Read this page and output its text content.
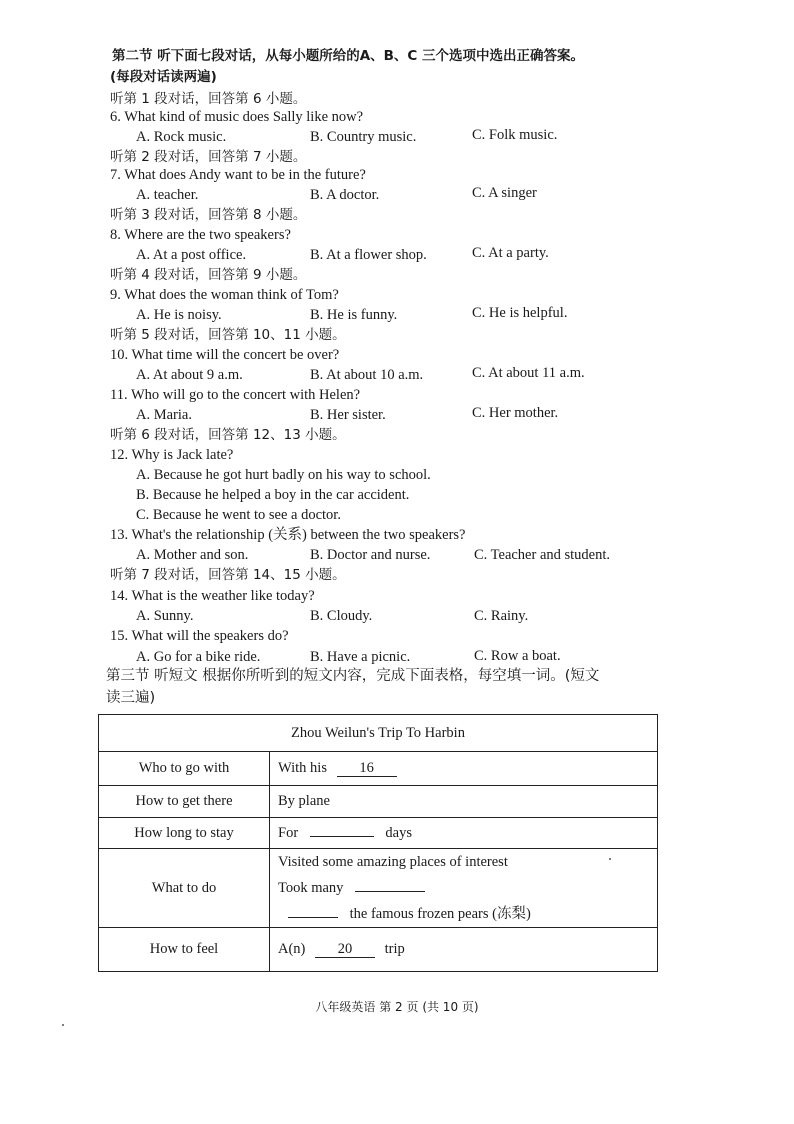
第二节 听下面七段对话，从每小题所给的A、B、C 三个选项中选出正确答案。
(每段对话读两遍)
听第 1 段对话，回答第 6 小题。
6. What kind of music does Sally like now?
A. Rock music.	B. Country music.	C. Folk music.
听第 2 段对话，回答第 7 小题。
7. What does Andy want to be in the future?
A. teacher.	B. A doctor.	C. A singer
听第 3 段对话，回答第 8 小题。
8. Where are the two speakers?
A. At a post office.	B. At a flower shop.	C. At a party.
听第 4 段对话，回答第 9 小题。
9. What does the woman think of Tom?
A. He is noisy.	B. He is funny.	C. He is helpful.
听第 5 段对话，回答第 10、11 小题。
10. What time will the concert be over?
A. At about 9 a.m.	B. At about 10 a.m.	C. At about 11 a.m.
11. Who will go to the concert with Helen?
A. Maria.	B. Her sister.	C. Her mother.
听第 6 段对话，回答第 12、13 小题。
12. Why is Jack late?
A. Because he got hurt badly on his way to school.
B. Because he helped a boy in the car accident.
C. Because he went to see a doctor.
13. What's the relationship (关系) between the two speakers?
A. Mother and son.	B. Doctor and nurse.	C. Teacher and student.
听第 7 段对话，回答第 14、15 小题。
14. What is the weather like today?
A. Sunny.	B. Cloudy.	C. Rainy.
15. What will the speakers do?
A. Go for a bike ride.	B. Have a picnic.	C. Row a boat.
第三节 听短文 根据你所听到的短文内容，完成下面表格，每空填一词。(短文
读三遍)
Zhou Weilun's Trip To Harbin	
Who to go with	With his 16
How to get there	By plane
How long to stay	For days
What to do	Visited some amazing places of interest
Took many
the famous frozen pears (冻梨)

How to feel	A(n) 20 trip
八年级英语 第 2 页 (共 10 页)
